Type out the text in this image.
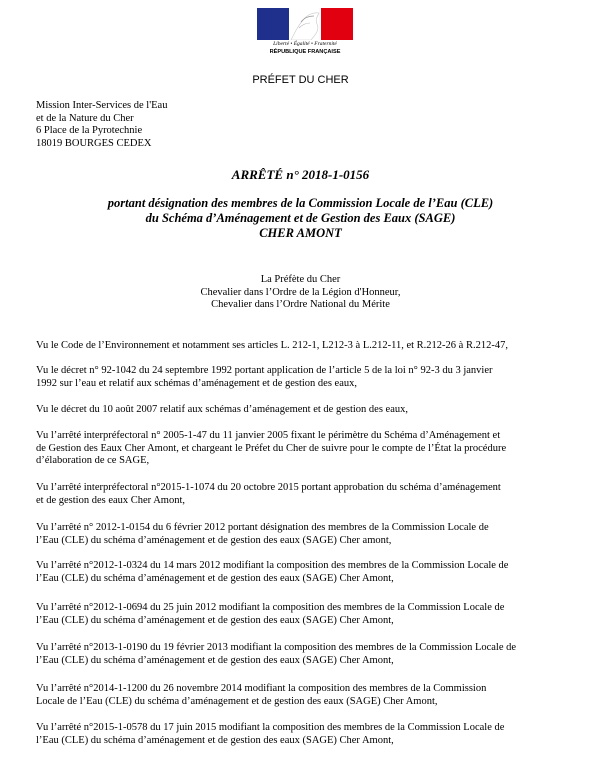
Liberté • Égalité • Fraternité
RÉPUBLIQUE FRANÇAISE
PRÉFET DU CHER
Mission Inter-Services de l'Eau
et de la Nature du Cher
6 Place de la Pyrotechnie
18019 BOURGES CEDEX
ARRÊTÉ n° 2018-1-0156
portant désignation des membres de la Commission Locale de l’Eau (CLE)
du Schéma d’Aménagement et de Gestion des Eaux (SAGE)
CHER AMONT
La Préfète du Cher
Chevalier dans l’Ordre de la Légion d'Honneur,
Chevalier dans l’Ordre National du Mérite
Vu le Code de l’Environnement et notamment ses articles L. 212-1, L212-3 à L.212-11, et R.212-26 à R.212-47,
Vu le décret n° 92-1042 du 24 septembre 1992 portant application de l’article 5 de la loi n° 92-3 du 3 janvier
1992 sur l’eau et relatif aux schémas d’aménagement et de gestion des eaux,
Vu le décret du 10 août 2007 relatif aux schémas d’aménagement et de gestion des eaux,
Vu l’arrêté interpréfectoral n° 2005-1-47 du 11 janvier 2005 fixant le périmètre du Schéma d’Aménagement et
de Gestion des Eaux Cher Amont, et chargeant le Préfet du Cher de suivre pour le compte de l’État la procédure
d’élaboration de ce SAGE,
Vu l’arrêté interpréfectoral n°2015-1-1074 du 20 octobre 2015 portant approbation du schéma d’aménagement
et de gestion des eaux Cher Amont,
Vu l’arrêté n° 2012-1-0154 du 6 février 2012 portant désignation des membres de la Commission Locale de
l’Eau (CLE) du schéma d’aménagement et de gestion des eaux (SAGE) Cher amont,
Vu l’arrêté n°2012-1-0324 du 14 mars 2012 modifiant la composition des membres de la Commission Locale de
l’Eau (CLE) du schéma d’aménagement et de gestion des eaux (SAGE) Cher Amont,
Vu l’arrêté n°2012-1-0694 du 25 juin 2012 modifiant la composition des membres de la Commission Locale de
l’Eau (CLE) du schéma d’aménagement et de gestion des eaux (SAGE) Cher Amont,
Vu l’arrêté n°2013-1-0190 du 19 février 2013 modifiant la composition des membres de la Commission Locale de
l’Eau (CLE) du schéma d’aménagement et de gestion des eaux (SAGE) Cher Amont,
Vu l’arrêté n°2014-1-1200 du 26 novembre 2014 modifiant la composition des membres de la Commission
Locale de l’Eau (CLE) du schéma d’aménagement et de gestion des eaux (SAGE) Cher Amont,
Vu l’arrêté n°2015-1-0578 du 17 juin 2015 modifiant la composition des membres de la Commission Locale de
l’Eau (CLE) du schéma d’aménagement et de gestion des eaux (SAGE) Cher Amont,
